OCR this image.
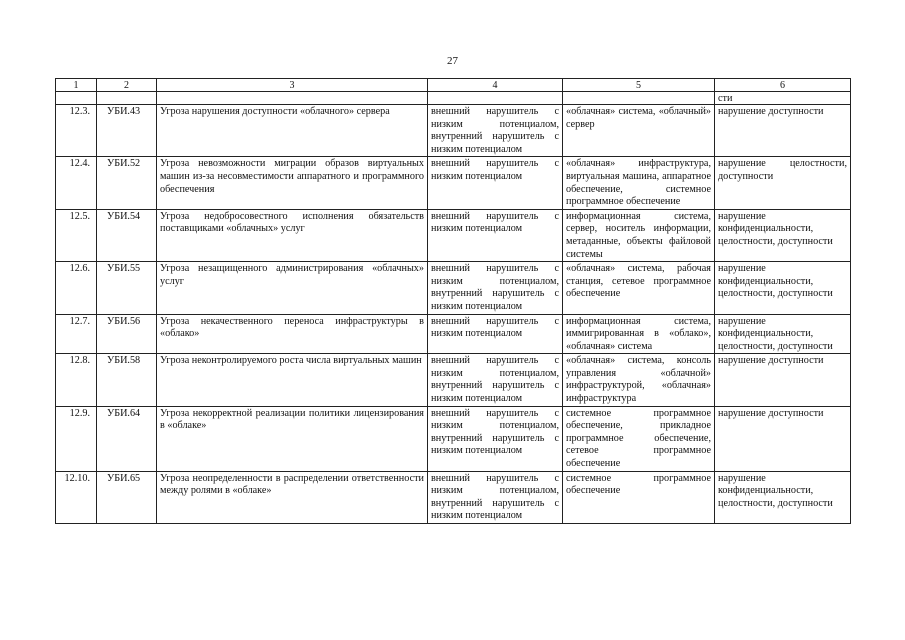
27
1	2	3	4	5	6
					сти
12.3.	УБИ.43	Угроза нарушения доступности «облачного» сервера	внешний нарушитель с низким потенциалом, внутренний нарушитель с низким потенциалом	«облачная» система, «облачный» сервер	нарушение доступности
12.4.	УБИ.52	Угроза невозможности миграции образов виртуальных машин из-за несовместимости аппаратного и программного обеспечения	внешний нарушитель с низким потенциалом	«облачная» инфраструктура, виртуальная машина, аппаратное обеспечение, системное программное обеспечение	нарушение целостности, доступности
12.5.	УБИ.54	Угроза недобросовестного исполнения обязательств поставщиками «облачных» услуг	внешний нарушитель с низким потенциалом	информационная система, сервер, носитель информации, метаданные, объекты файловой системы	нарушение конфиденциальности, целостности, доступности
12.6.	УБИ.55	Угроза незащищенного администрирования «облачных» услуг	внешний нарушитель с низким потенциалом, внутренний нарушитель с низким потенциалом	«облачная» система, рабочая станция, сетевое программное обеспечение	нарушение конфиденциальности, целостности, доступности
12.7.	УБИ.56	Угроза некачественного переноса инфраструктуры в «облако»	внешний нарушитель с низким потенциалом	информационная система, иммигрированная в «облако», «облачная» система	нарушение конфиденциальности, целостности, доступности
12.8.	УБИ.58	Угроза неконтролируемого роста числа виртуальных машин	внешний нарушитель с низким потенциалом, внутренний нарушитель с низким потенциалом	«облачная» система, консоль управления «облачной» инфраструктурой, «облачная» инфраструктура	нарушение доступности
12.9.	УБИ.64	Угроза некорректной реализации политики лицензирования в «облаке»	внешний нарушитель с низким потенциалом, внутренний нарушитель с низким потенциалом	системное программное обеспечение, прикладное программное обеспечение, сетевое программное обеспечение	нарушение доступности
12.10.	УБИ.65	Угроза неопределенности в распределении ответственности между ролями в «облаке»	внешний нарушитель с низким потенциалом, внутренний нарушитель с низким потенциалом	системное программное обеспечение	нарушение конфиденциальности, целостности, доступности
